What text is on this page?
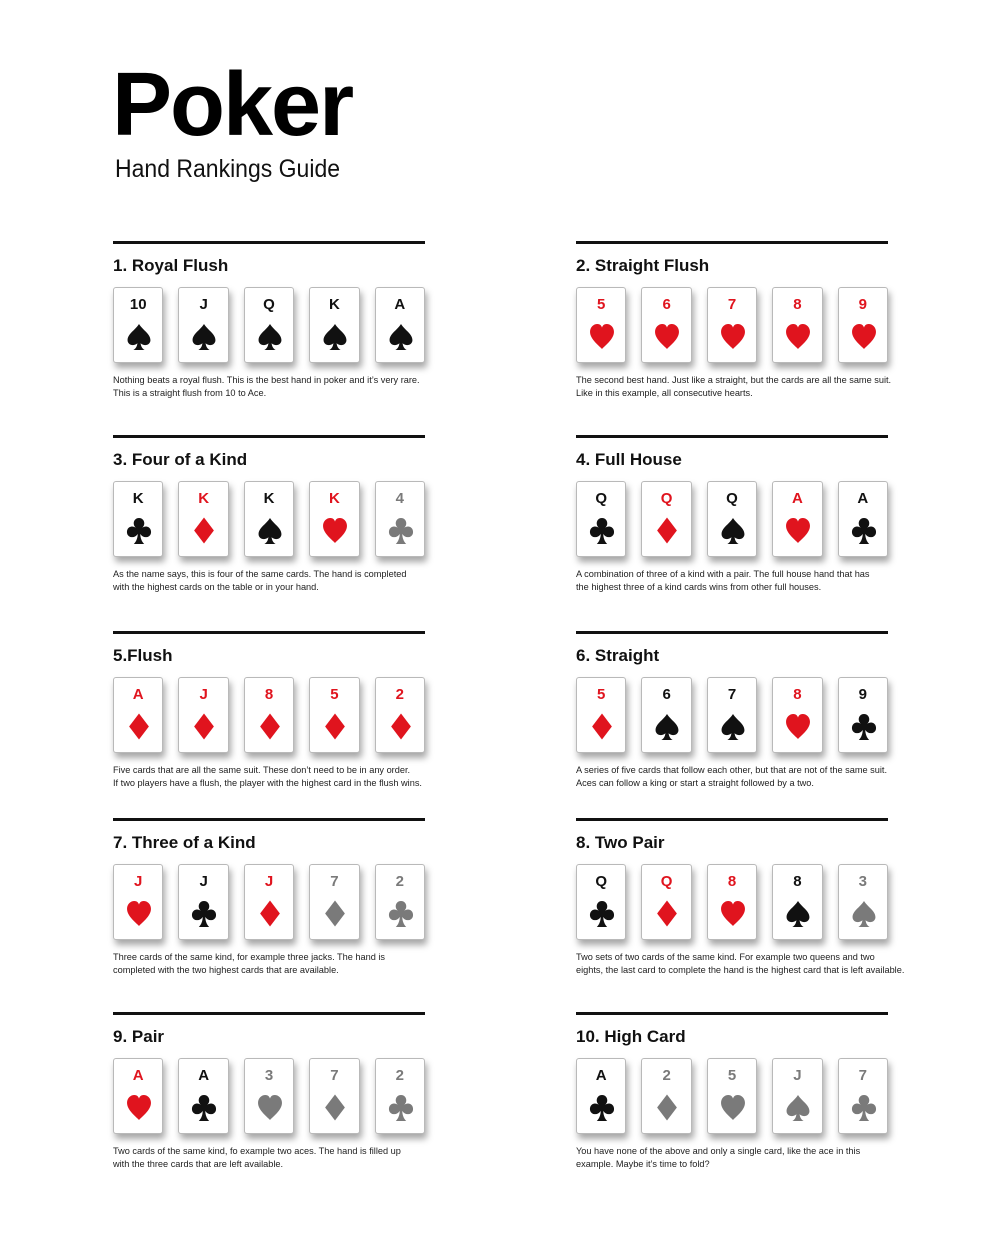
Poker
Hand Rankings Guide
1. Royal Flush
10	J	Q	K	A
Nothing beats a royal flush. This is the best hand in poker and it’s very rare.
This is a straight flush from 10 to Ace.
2. Straight Flush
5	6	7	8	9
The second best hand. Just like a straight, but the cards are all the same suit.
Like in this example, all consecutive hearts.
3. Four of a Kind
K	K	K	K	4
As the name says, this is four of the same cards. The hand is completed
with the highest cards on the table or in your hand.
4. Full House
Q	Q	Q	A	A
A combination of three of a kind with a pair. The full house hand that has
the highest three of a kind cards wins from other full houses.
5.Flush
A	J	8	5	2
Five cards that are all the same suit. These don’t need to be in any order.
If two players have a flush, the player with the highest card in the flush wins.
6. Straight
5	6	7	8	9
A series of five cards that follow each other, but that are not of the same suit.
Aces can follow a king or start a straight followed by a two.
7. Three of a Kind
J	J	J	7	2
Three cards of the same kind, for example three jacks. The hand is
completed with the two highest cards that are available.
8. Two Pair
Q	Q	8	8	3
Two sets of two cards of the same kind. For example two queens and two
eights, the last card to complete the hand is the highest card that is left available.
9. Pair
A	A	3	7	2
Two cards of the same kind, fo example two aces. The hand is filled up
with the three cards that are left available.
10. High Card
A	2	5	J	7
You have none of the above and only a single card, like the ace in this
example. Maybe it’s time to fold?
